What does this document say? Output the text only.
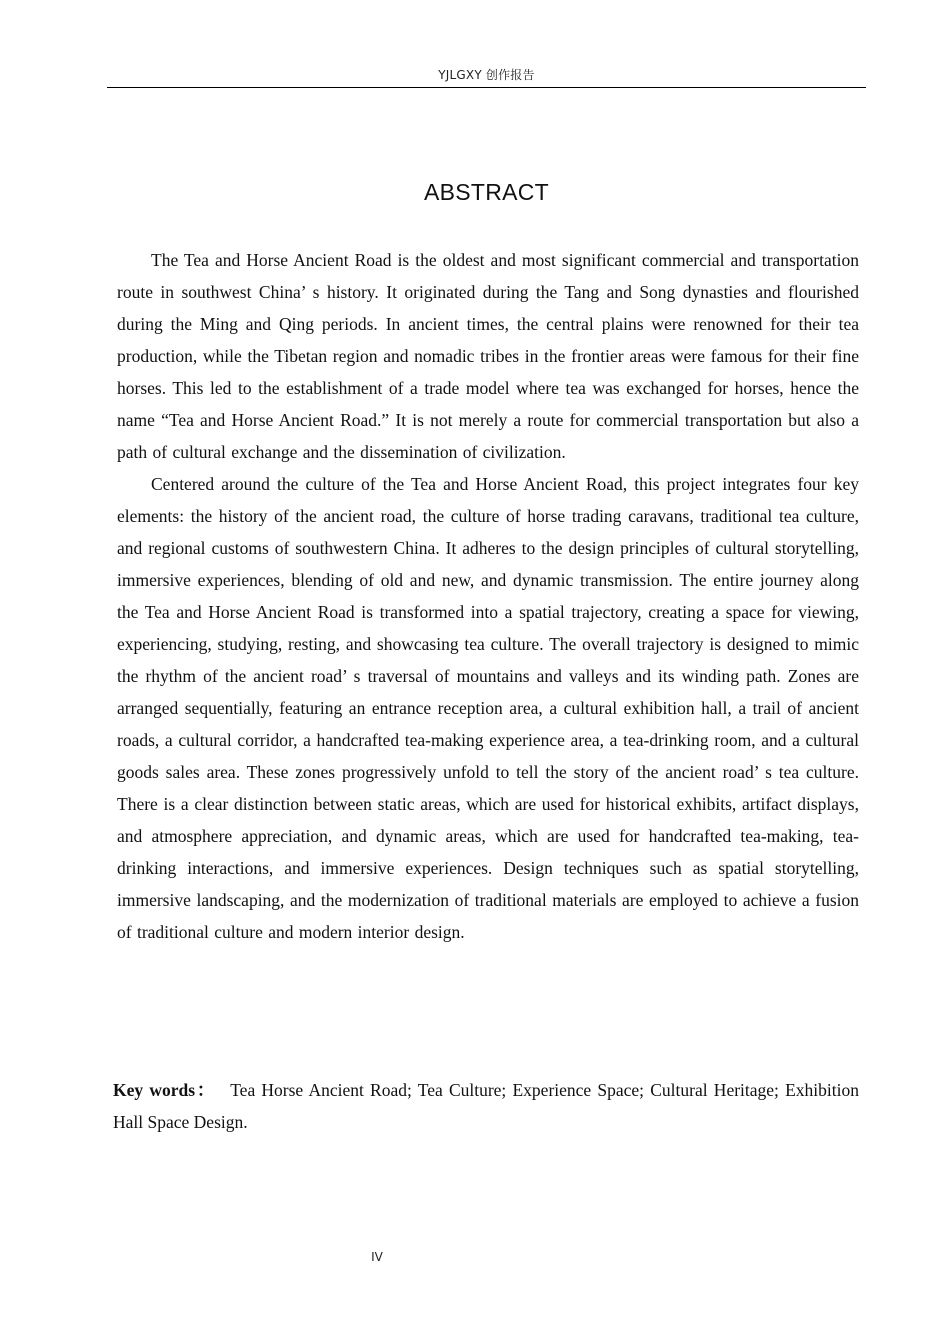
YJLGXY 创作报告
ABSTRACT

The Tea and Horse Ancient Road is the oldest and most significant commercial and transportation route in southwest China’ s history. It originated during the Tang and Song dynasties and flourished during the Ming and Qing periods. In ancient times, the central plains were renowned for their tea production, while the Tibetan region and nomadic tribes in the frontier areas were famous for their fine horses. This led to the establishment of a trade model where tea was exchanged for horses, hence the name “Tea and Horse Ancient Road.” It is not merely a route for commercial transportation but also a path of cultural exchange and the dissemination of civilization.

Centered around the culture of the Tea and Horse Ancient Road, this project integrates four key elements: the history of the ancient road, the culture of horse trading caravans, traditional tea culture, and regional customs of southwestern China. It adheres to the design principles of cultural storytelling, immersive experiences, blending of old and new, and dynamic transmission. The entire journey along the Tea and Horse Ancient Road is transformed into a spatial trajectory, creating a space for viewing, experiencing, studying, resting, and showcasing tea culture. The overall trajectory is designed to mimic the rhythm of the ancient road’ s traversal of mountains and valleys and its winding path. Zones are arranged sequentially, featuring an entrance reception area, a cultural exhibition hall, a trail of ancient roads, a cultural corridor, a handcrafted tea-making experience area, a tea-drinking room, and a cultural goods sales area. These zones progressively unfold to tell the story of the ancient road’ s tea culture. There is a clear distinction between static areas, which are used for historical exhibits, artifact displays, and atmosphere appreciation, and dynamic areas, which are used for handcrafted tea-making, tea-drinking interactions, and immersive experiences. Design techniques such as spatial storytelling, immersive landscaping, and the modernization of traditional materials are employed to achieve a fusion of traditional culture and modern interior design.

Key words： Tea Horse Ancient Road; Tea Culture; Experience Space; Cultural Heritage; Exhibition Hall Space Design.
IV
